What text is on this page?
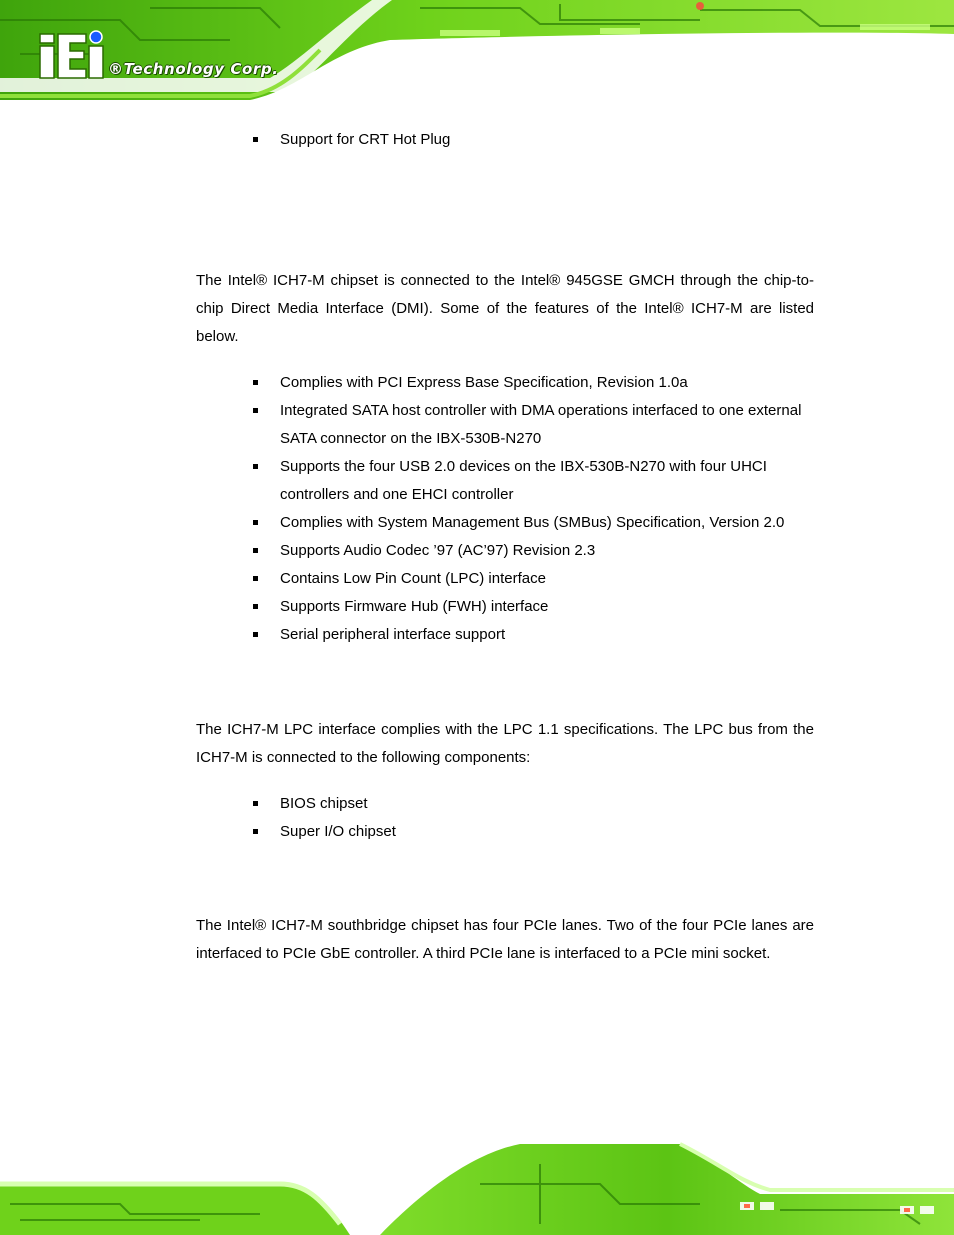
®Technology Corp.
Support for CRT Hot Plug

The Intel® ICH7-M chipset is connected to the Intel® 945GSE GMCH through the chip-to-chip Direct Media Interface (DMI). Some of the features of the Intel® ICH7-M are listed below.

Complies with PCI Express Base Specification, Revision 1.0a
Integrated SATA host controller with DMA operations interfaced to one external SATA connector on the IBX-530B-N270
Supports the four USB 2.0 devices on the IBX-530B-N270 with four UHCI controllers and one EHCI controller
Complies with System Management Bus (SMBus) Specification, Version 2.0
Supports Audio Codec ’97 (AC’97) Revision 2.3
Contains Low Pin Count (LPC) interface
Supports Firmware Hub (FWH) interface
Serial peripheral interface support

The ICH7-M LPC interface complies with the LPC 1.1 specifications. The LPC bus from the ICH7-M is connected to the following components:

BIOS chipset
Super I/O chipset

The Intel® ICH7-M southbridge chipset has four PCIe lanes. Two of the four PCIe lanes are interfaced to PCIe GbE controller. A third PCIe lane is interfaced to a PCIe mini socket.
